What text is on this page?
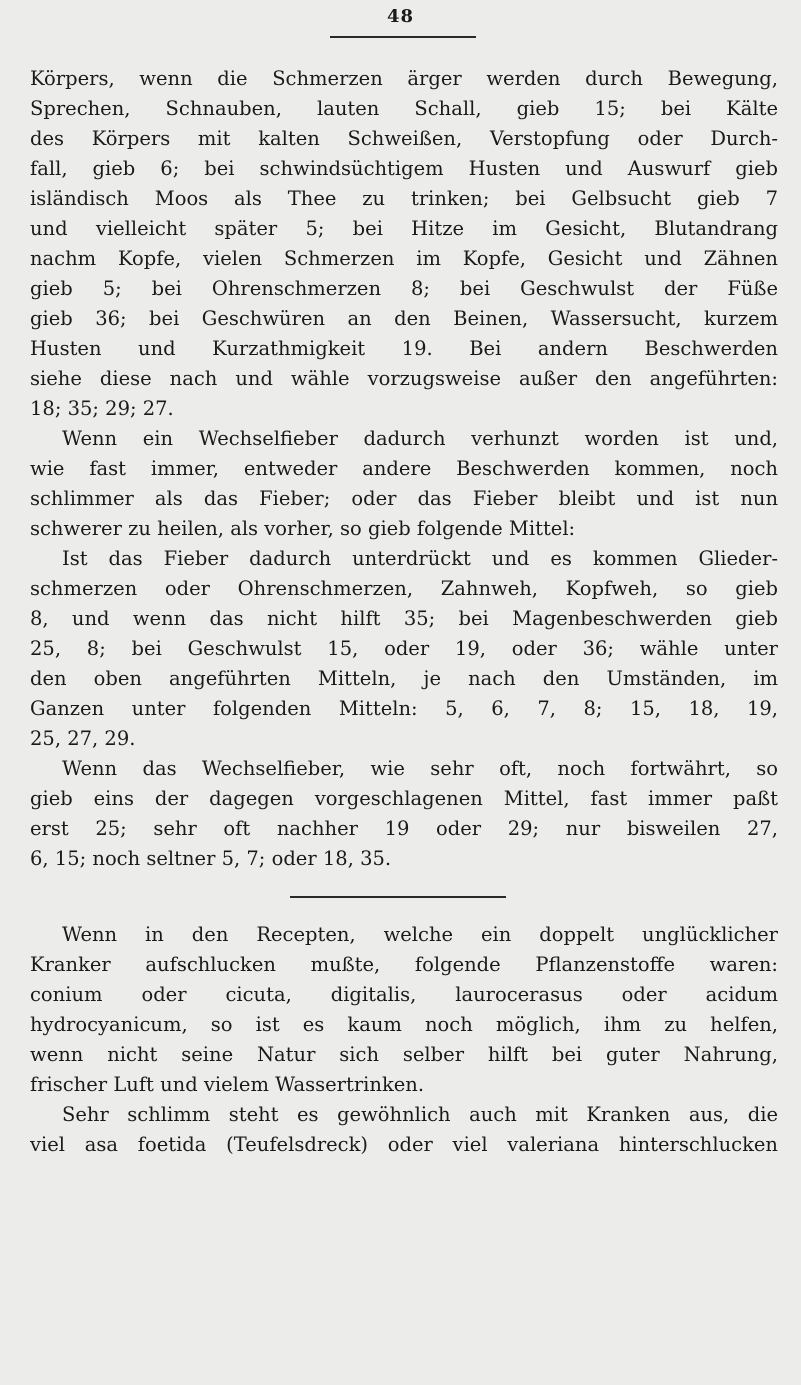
48
Körpers, wenn die Schmerzen ärger werden durch Bewegung,
Sprechen, Schnauben, lauten Schall, gieb 15; bei Kälte
des Körpers mit kalten Schweißen, Verstopfung oder Durch-
fall, gieb 6; bei schwindsüchtigem Husten und Auswurf gieb
isländisch Moos als Thee zu trinken; bei Gelbsucht gieb 7
und vielleicht später 5; bei Hitze im Gesicht, Blutandrang
nachm Kopfe, vielen Schmerzen im Kopfe, Gesicht und Zähnen
gieb 5; bei Ohrenschmerzen 8; bei Geschwulst der Füße
gieb 36; bei Geschwüren an den Beinen, Wassersucht, kurzem
Husten und Kurzathmigkeit 19. Bei andern Beschwerden
siehe diese nach und wähle vorzugsweise außer den angeführten:
18; 35; 29; 27.
Wenn ein Wechselfieber dadurch verhunzt worden ist und,
wie fast immer, entweder andere Beschwerden kommen, noch
schlimmer als das Fieber; oder das Fieber bleibt und ist nun
schwerer zu heilen, als vorher, so gieb folgende Mittel:
Ist das Fieber dadurch unterdrückt und es kommen Glieder-
schmerzen oder Ohrenschmerzen, Zahnweh, Kopfweh, so gieb
8, und wenn das nicht hilft 35; bei Magenbeschwerden gieb
25, 8; bei Geschwulst 15, oder 19, oder 36; wähle unter
den oben angeführten Mitteln, je nach den Umständen, im
Ganzen unter folgenden Mitteln: 5, 6, 7, 8; 15, 18, 19,
25, 27, 29.
Wenn das Wechselfieber, wie sehr oft, noch fortwährt, so
gieb eins der dagegen vorgeschlagenen Mittel, fast immer paßt
erst 25; sehr oft nachher 19 oder 29; nur bisweilen 27,
6, 15; noch seltner 5, 7; oder 18, 35.
Wenn in den Recepten, welche ein doppelt unglücklicher
Kranker aufschlucken mußte, folgende Pflanzenstoffe waren:
conium oder cicuta, digitalis, laurocerasus oder acidum
hydrocyanicum, so ist es kaum noch möglich, ihm zu helfen,
wenn nicht seine Natur sich selber hilft bei guter Nahrung,
frischer Luft und vielem Wassertrinken.
Sehr schlimm steht es gewöhnlich auch mit Kranken aus, die
viel asa foetida (Teufelsdreck) oder viel valeriana hinterschlucken
